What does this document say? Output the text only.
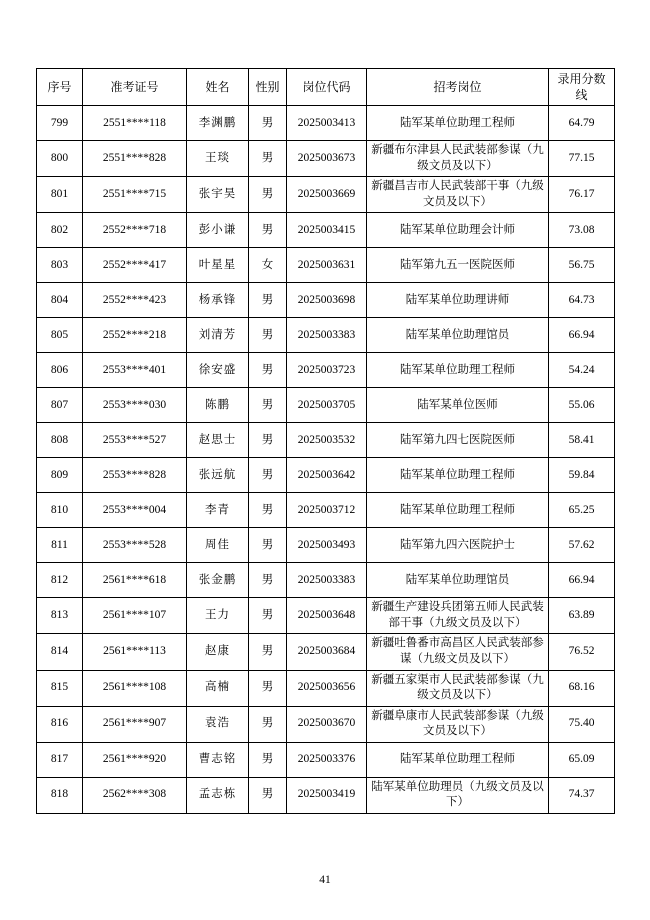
序号	准考证号	姓名	性别	岗位代码	招考岗位	录用分数线
799	2551****118	李渊鹏	男	2025003413	陆军某单位助理工程师	64.79
800	2551****828	王琰	男	2025003673	新疆布尔津县人民武装部参谋（九级文员及以下）	77.15
801	2551****715	张宇昊	男	2025003669	新疆昌吉市人民武装部干事（九级文员及以下）	76.17
802	2552****718	彭小谦	男	2025003415	陆军某单位助理会计师	73.08
803	2552****417	叶星星	女	2025003631	陆军第九五一医院医师	56.75
804	2552****423	杨承锋	男	2025003698	陆军某单位助理讲师	64.73
805	2552****218	刘清芳	男	2025003383	陆军某单位助理馆员	66.94
806	2553****401	徐安盛	男	2025003723	陆军某单位助理工程师	54.24
807	2553****030	陈鹏	男	2025003705	陆军某单位医师	55.06
808	2553****527	赵思士	男	2025003532	陆军第九四七医院医师	58.41
809	2553****828	张远航	男	2025003642	陆军某单位助理工程师	59.84
810	2553****004	李青	男	2025003712	陆军某单位助理工程师	65.25
811	2553****528	周佳	男	2025003493	陆军第九四六医院护士	57.62
812	2561****618	张金鹏	男	2025003383	陆军某单位助理馆员	66.94
813	2561****107	王力	男	2025003648	新疆生产建设兵团第五师人民武装部干事（九级文员及以下）	63.89
814	2561****113	赵康	男	2025003684	新疆吐鲁番市高昌区人民武装部参谋（九级文员及以下）	76.52
815	2561****108	高楠	男	2025003656	新疆五家渠市人民武装部参谋（九级文员及以下）	68.16
816	2561****907	袁浩	男	2025003670	新疆阜康市人民武装部参谋（九级文员及以下）	75.40
817	2561****920	曹志铭	男	2025003376	陆军某单位助理工程师	65.09
818	2562****308	孟志栋	男	2025003419	陆军某单位助理员（九级文员及以下）	74.37
41
